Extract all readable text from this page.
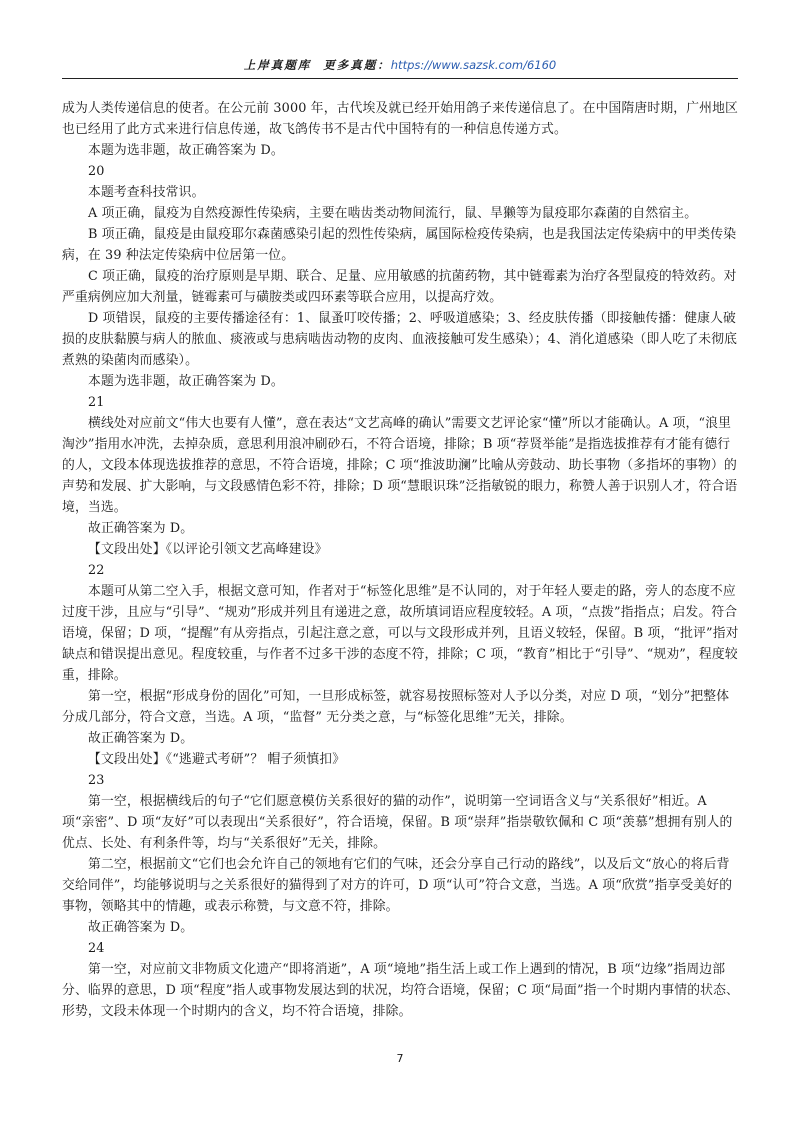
上岸真题库 更多真题：https://www.sazsk.com/6160

成为人类传递信息的使者。在公元前 3000 年，古代埃及就已经开始用鸽子来传递信息了。在中国隋唐时期，广州地区也已经用了此方式来进行信息传递，故飞鸽传书不是古代中国特有的一种信息传递方式。

本题为选非题，故正确答案为 D。

20

本题考查科技常识。

A 项正确，鼠疫为自然疫源性传染病，主要在啮齿类动物间流行，鼠、旱獭等为鼠疫耶尔森菌的自然宿主。

B 项正确，鼠疫是由鼠疫耶尔森菌感染引起的烈性传染病，属国际检疫传染病，也是我国法定传染病中的甲类传染病，在 39 种法定传染病中位居第一位。

C 项正确，鼠疫的治疗原则是早期、联合、足量、应用敏感的抗菌药物，其中链霉素为治疗各型鼠疫的特效药。对严重病例应加大剂量，链霉素可与磺胺类或四环素等联合应用，以提高疗效。

D 项错误，鼠疫的主要传播途径有：1、鼠蚤叮咬传播；2、呼吸道感染；3、经皮肤传播（即接触传播：健康人破损的皮肤黏膜与病人的脓血、痰液或与患病啮齿动物的皮肉、血液接触可发生感染）；4、消化道感染（即人吃了未彻底煮熟的染菌肉而感染）。

本题为选非题，故正确答案为 D。

21

横线处对应前文“伟大也要有人懂”，意在表达“文艺高峰的确认”需要文艺评论家“懂”所以才能确认。A 项，“浪里淘沙”指用水冲洗，去掉杂质，意思利用浪冲刷砂石，不符合语境，排除；B 项“荐贤举能”是指选拔推荐有才能有德行的人，文段本体现选拔推荐的意思，不符合语境，排除；C 项“推波助澜”比喻从旁鼓动、助长事物（多指坏的事物）的声势和发展、扩大影响，与文段感情色彩不符，排除；D 项“慧眼识珠”泛指敏锐的眼力，称赞人善于识别人才，符合语境，当选。

故正确答案为 D。

【文段出处】《以评论引领文艺高峰建设》

22

本题可从第二空入手，根据文意可知，作者对于“标签化思维”是不认同的，对于年轻人要走的路，旁人的态度不应过度干涉，且应与“引导”、“规劝”形成并列且有递进之意，故所填词语应程度较轻。A 项，“点拨”指指点；启发。符合语境，保留；D 项，“提醒”有从旁指点，引起注意之意，可以与文段形成并列，且语义较轻，保留。B 项，“批评”指对缺点和错误提出意见。程度较重，与作者不过多干涉的态度不符，排除；C 项，“教育”相比于“引导”、“规劝”，程度较重，排除。

第一空，根据“形成身份的固化”可知，一旦形成标签，就容易按照标签对人予以分类，对应 D 项，“划分”把整体分成几部分，符合文意，当选。A 项，“监督” 无分类之意，与“标签化思维”无关，排除。

故正确答案为 D。

【文段出处】《“逃避式考研”？ 帽子须慎扣》

23

第一空，根据横线后的句子“它们愿意模仿关系很好的猫的动作”，说明第一空词语含义与“关系很好”相近。A 项“亲密”、D 项“友好”可以表现出“关系很好”，符合语境，保留。B 项“崇拜”指崇敬钦佩和 C 项“羡慕”想拥有别人的优点、长处、有利条件等，均与“关系很好”无关，排除。

第二空，根据前文“它们也会允许自己的领地有它们的气味，还会分享自己行动的路线”，以及后文“放心的将后背交给同伴”，均能够说明与之关系很好的猫得到了对方的许可，D 项“认可”符合文意，当选。A 项“欣赏”指享受美好的事物，领略其中的情趣，或表示称赞，与文意不符，排除。

故正确答案为 D。

24

第一空，对应前文非物质文化遗产“即将消逝”，A 项“境地”指生活上或工作上遇到的情况，B 项“边缘”指周边部分、临界的意思，D 项“程度”指人或事物发展达到的状况，均符合语境，保留；C 项“局面”指一个时期内事情的状态、形势，文段未体现一个时期内的含义，均不符合语境，排除。

7
